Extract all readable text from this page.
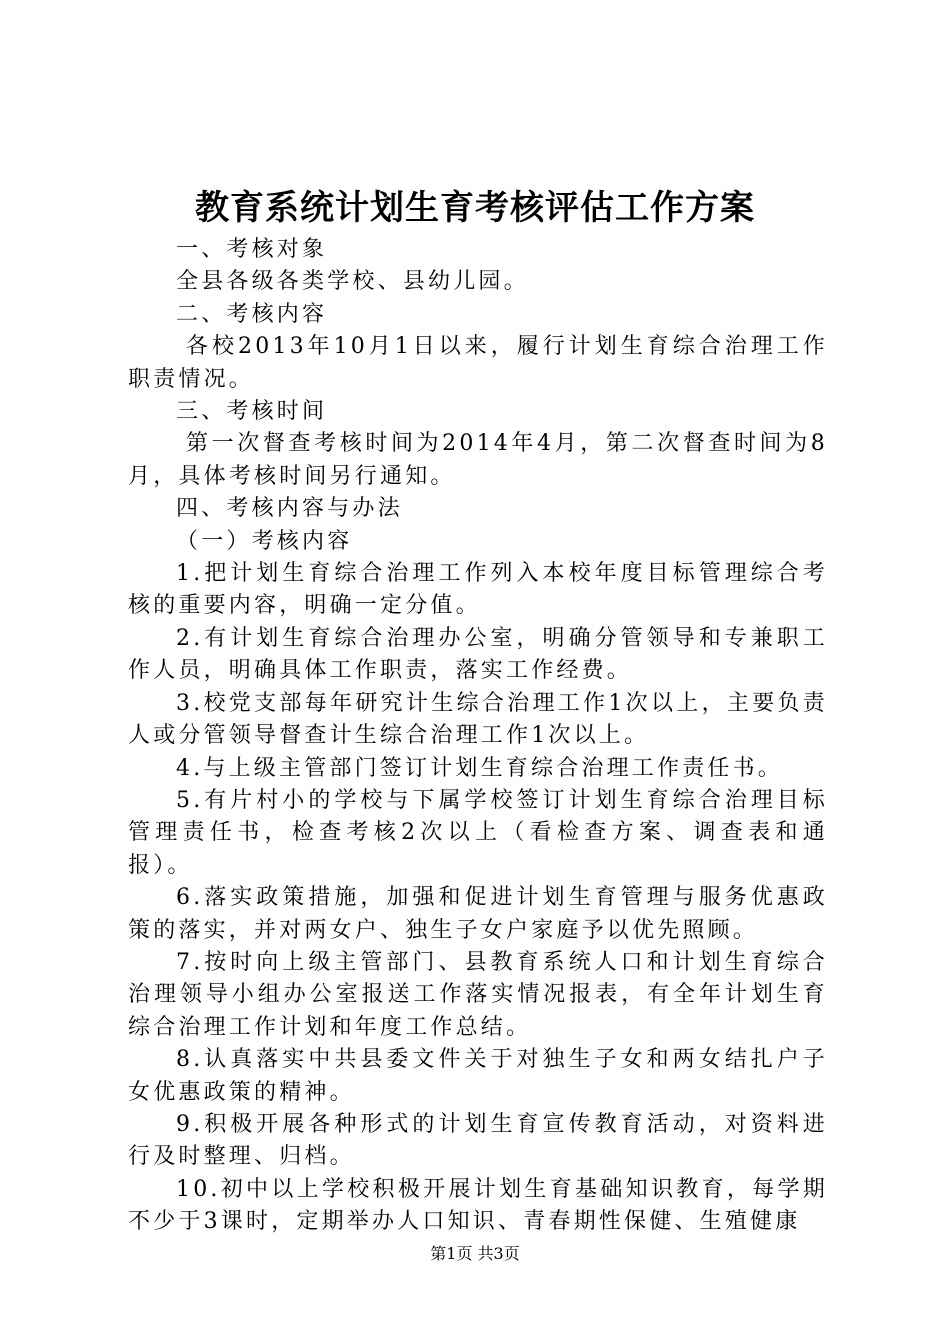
教育系统计划生育考核评估工作方案

一、考核对象

全县各级各类学校、县幼儿园。

二、考核内容

各校2013年10月1日以来，履行计划生育综合治理工作职责情况。

三、考核时间

第一次督查考核时间为2014年4月，第二次督查时间为8月，具体考核时间另行通知。

四、考核内容与办法

（一）考核内容

1.把计划生育综合治理工作列入本校年度目标管理综合考核的重要内容，明确一定分值。

2.有计划生育综合治理办公室，明确分管领导和专兼职工作人员，明确具体工作职责，落实工作经费。

3.校党支部每年研究计生综合治理工作1次以上，主要负责人或分管领导督查计生综合治理工作1次以上。

4.与上级主管部门签订计划生育综合治理工作责任书。

5.有片村小的学校与下属学校签订计划生育综合治理目标管理责任书，检查考核2次以上（看检查方案、调查表和通报）。

6.落实政策措施，加强和促进计划生育管理与服务优惠政策的落实，并对两女户、独生子女户家庭予以优先照顾。

7.按时向上级主管部门、县教育系统人口和计划生育综合治理领导小组办公室报送工作落实情况报表，有全年计划生育综合治理工作计划和年度工作总结。

8.认真落实中共县委文件关于对独生子女和两女结扎户子女优惠政策的精神。

9.积极开展各种形式的计划生育宣传教育活动，对资料进行及时整理、归档。

10.初中以上学校积极开展计划生育基础知识教育，每学期不少于3课时，定期举办人口知识、青春期性保健、生殖健康

第1页 共3页
